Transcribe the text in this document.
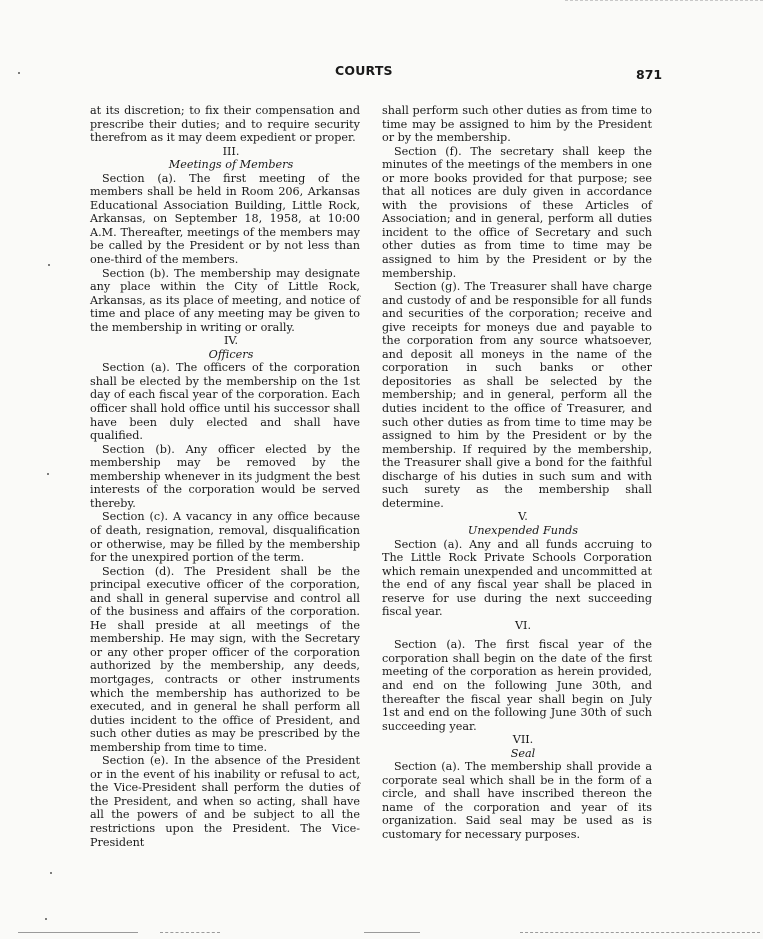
COURTS	871

at its discretion; to fix their compensation and prescribe their duties; and to require security therefrom as it may deem expedient or proper.

III.

Meetings of Members

Section (a). The first meeting of the members shall be held in Room 206, Arkansas Educational Association Building, Little Rock, Arkansas, on September 18, 1958, at 10:00 A.M. Thereafter, meetings of the members may be called by the President or by not less than one-third of the members.

Section (b). The membership may designate any place within the City of Little Rock, Arkansas, as its place of meeting, and notice of time and place of any meeting may be given to the membership in writing or orally.

IV.

Officers

Section (a). The officers of the corporation shall be elected by the membership on the 1st day of each fiscal year of the corporation. Each officer shall hold office until his successor shall have been duly elected and shall have qualified.

Section (b). Any officer elected by the membership may be removed by the membership whenever in its judgment the best interests of the corporation would be served thereby.

Section (c). A vacancy in any office because of death, resignation, removal, disqualification or otherwise, may be filled by the membership for the unexpired portion of the term.

Section (d). The President shall be the principal executive officer of the corporation, and shall in general supervise and control all of the business and affairs of the corporation. He shall preside at all meetings of the membership. He may sign, with the Secretary or any other proper officer of the corporation authorized by the membership, any deeds, mortgages, contracts or other instruments which the membership has authorized to be executed, and in general he shall perform all duties incident to the office of President, and such other duties as may be prescribed by the membership from time to time.

Section (e). In the absence of the President or in the event of his inability or refusal to act, the Vice-President shall perform the duties of the President, and when so acting, shall have all the powers of and be subject to all the restrictions upon the President. The Vice-President

shall perform such other duties as from time to time may be assigned to him by the President or by the membership.

Section (f). The secretary shall keep the minutes of the meetings of the members in one or more books provided for that purpose; see that all notices are duly given in accordance with the provisions of these Articles of Association; and in general, perform all duties incident to the office of Secretary and such other duties as from time to time may be assigned to him by the President or by the membership.

Section (g). The Treasurer shall have charge and custody of and be responsible for all funds and securities of the corporation; receive and give receipts for moneys due and payable to the corporation from any source whatsoever, and deposit all moneys in the name of the corporation in such banks or other depositories as shall be selected by the membership; and in general, perform all the duties incident to the office of Treasurer, and such other duties as from time to time may be assigned to him by the President or by the membership. If required by the membership, the Treasurer shall give a bond for the faithful discharge of his duties in such sum and with such surety as the membership shall determine.

V.

Unexpended Funds

Section (a). Any and all funds accruing to The Little Rock Private Schools Corporation which remain unexpended and uncommitted at the end of any fiscal year shall be placed in reserve for use during the next succeeding fiscal year.

VI.

Section (a). The first fiscal year of the corporation shall begin on the date of the first meeting of the corporation as herein provided, and end on the following June 30th, and thereafter the fiscal year shall begin on July 1st and end on the following June 30th of such succeeding year.

VII.

Seal

Section (a). The membership shall provide a corporate seal which shall be in the form of a circle, and shall have inscribed thereon the name of the corporation and year of its organization. Said seal may be used as is customary for necessary purposes.
